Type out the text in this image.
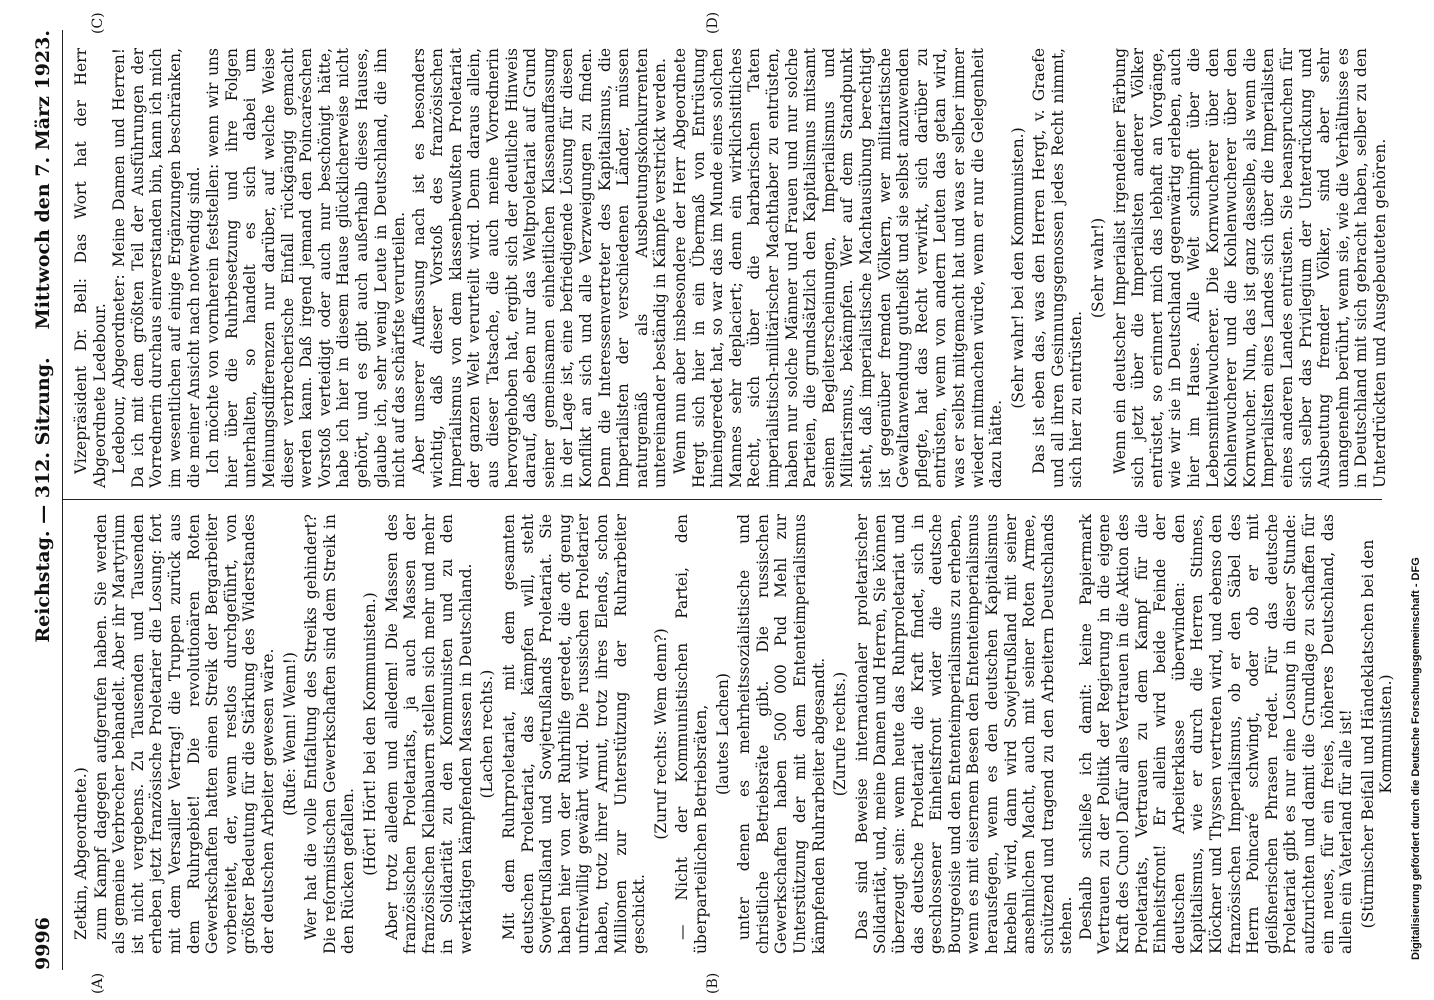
9996
Reichstag. — 312. Sitzung.
Mittwoch den 7. März 1923.
(A)	(B)
(C)	(D)

Zetkin, Abgeordnete.) zum Kampf dagegen aufgerufen haben. Sie werden als gemeine Verbrecher behandelt. Aber ihr Martyrium ist nicht vergebens. Zu Tausenden und Tausenden erheben jetzt französische Proletarier die Losung: fort mit dem Versailler Vertrag! die Truppen zurück aus dem Ruhrgebiet! Die revolutionären Roten Gewerkschaften hatten einen Streik der Bergarbeiter vorbereitet, der, wenn restlos durchgeführt, von größter Bedeutung für die Stärkung des Widerstandes der deutschen Arbeiter gewesen wäre. (Rufe: Wenn! Wenn!) Wer hat die volle Entfaltung des Streiks gehindert? Die reformistischen Gewerkschaften sind dem Streik in den Rücken gefallen. (Hört! Hört! bei den Kommunisten.) Aber trotz alledem und alledem! Die Massen des französischen Proletariats, ja auch Massen der französischen Kleinbauern stellen sich mehr und mehr in Solidarität zu den Kommunisten und zu den werktätigen kämpfenden Massen in Deutschland. (Lachen rechts.) Mit dem Ruhrproletariat, mit dem gesamten deutschen Proletariat, das kämpfen will, steht Sowjetrußland und Sowjetrußlands Proletariat. Sie haben hier von der Ruhrhilfe geredet, die oft genug unfreiwillig gewährt wird. Die russischen Proletarier haben, trotz ihrer Armut, trotz ihres Elends, schon Millionen zur Unterstützung der Ruhrarbeiter geschickt.

(Zuruf rechts: Wem denn?) — Nicht der Kommunistischen Partei, den überparteilichen Betriebsräten, (lautes Lachen) unter denen es mehrheitssozialistische und christliche Betriebsräte gibt. Die russischen Gewerkschaften haben 500 000 Pud Mehl zur Unterstützung der mit dem Ententeimperialismus kämpfenden Ruhrarbeiter abgesandt. (Zurufe rechts.) Das sind Beweise internationaler proletarischer Solidarität, und, meine Damen und Herren, Sie können überzeugt sein: wenn heute das Ruhrproletariat und das deutsche Proletariat die Kraft findet, sich in geschlossener Einheitsfront wider die deutsche Bourgeoisie und den Ententeimperialismus zu erheben, wenn es mit eisernem Besen den Ententeimperialismus herausfegen, wenn es den deutschen Kapitalismus knebeln wird, dann wird Sowjetrußland mit seiner ansehnlichen Macht, auch mit seiner Roten Armee, schützend und tragend zu den Arbeitern Deutschlands stehen. Deshalb schließe ich damit: keine Papiermark Vertrauen zu der Politik der Regierung in die eigene Kraft des Cuno! Dafür alles Vertrauen in die Aktion des Proletariats, Vertrauen zu dem Kampf für die Einheitsfront! Er allein wird beide Feinde der deutschen Arbeiterklasse überwinden: den Kapitalismus, wie er durch die Herren Stinnes, Klöckner und Thyssen vertreten wird, und ebenso den französischen Imperialismus, ob er den Säbel des Herrn Poincaré schwingt, oder ob er mit gleißnerischen Phrasen redet. Für das deutsche Proletariat gibt es nur eine Losung in dieser Stunde: aufzurichten und damit die Grundlage zu schaffen für ein neues, für ein freies, höheres Deutschland, das allein ein Vaterland für alle ist! (Stürmischer Beifall und Händeklatschen bei den Kommunisten.)

Vizepräsident Dr. Bell: Das Wort hat der Herr Abgeordnete Ledebour. Ledebour, Abgeordneter: Meine Damen und Herren! Da ich mit dem größten Teil der Ausführungen der Vorrednerin durchaus einverstanden bin, kann ich mich im wesentlichen auf einige Ergänzungen beschränken, die meiner Ansicht nach notwendig sind. Ich möchte von vornherein feststellen: wenn wir uns hier über die Ruhrbesetzung und ihre Folgen unterhalten, so handelt es sich dabei um Meinungsdifferenzen nur darüber, auf welche Weise dieser verbrecherische Einfall rückgängig gemacht werden kann. Daß irgend jemand den Poincaréschen Vorstoß verteidigt oder auch nur beschönigt hätte, habe ich hier in diesem Hause glücklicherweise nicht gehört, und es gibt auch außerhalb dieses Hauses, glaube ich, sehr wenig Leute in Deutschland, die ihn nicht auf das schärfste verurteilen. Aber unserer Auffassung nach ist es besonders wichtig, daß dieser Vorstoß des französischen Imperialismus von dem klassenbewußten Proletariat der ganzen Welt verurteilt wird. Denn daraus allein, aus dieser Tatsache, die auch meine Vorrednerin hervorgehoben hat, ergibt sich der deutliche Hinweis darauf, daß eben nur das Weltproletariat auf Grund seiner gemeinsamen einheitlichen Klassenauffassung in der Lage ist, eine befriedigende Lösung für diesen Konflikt an sich und alle Verzweigungen zu finden. Denn die Interessenvertreter des Kapitalismus, die Imperialisten der verschiedenen Länder, müssen naturgemäß als Ausbeutungskonkurrenten untereinander beständig in Kämpfe verstrickt werden. Wenn nun aber insbesondere der Herr Abgeordnete Hergt sich hier in ein Übermaß von Entrüstung hineingeredet hat, so war das im Munde eines solchen Mannes sehr deplaciert; denn ein wirklichsittliches Recht, sich über die barbarischen Taten imperialistisch-militärischer Machthaber zu entrüsten, haben nur solche Männer und Frauen und nur solche Parteien, die grundsätzlich den Kapitalismus mitsamt seinen Begleiterscheinungen, Imperialismus und Militarismus, bekämpfen. Wer auf dem Standpunkt steht, daß imperialistische Machtausübung berechtigt ist gegenüber fremden Völkern, wer militaristische Gewaltanwendung gutheißt und sie selbst anzuwenden pflegte, hat das Recht verwirkt, sich darüber zu entrüsten, wenn von andern Leuten das getan wird, was er selbst mitgemacht hat und was er selber immer wieder mitmachen würde, wenn er nur die Gelegenheit dazu hätte.

(Sehr wahr! bei den Kommunisten.) Das ist eben das, was den Herren Hergt, v. Graefe und all ihren Gesinnungsgenossen jedes Recht nimmt, sich hier zu entrüsten.

(Sehr wahr!) Wenn ein deutscher Imperialist irgendeiner Färbung sich jetzt über die Imperialisten anderer Völker entrüstet, so erinnert mich das lebhaft an Vorgänge, wie wir sie in Deutschland gegenwärtig erleben, auch hier im Hause. Alle Welt schimpft über die Lebensmittelwucherer. Die Kornwucherer über den Kohlenwucherer und die Kohlenwucherer über den Kornwucher. Nun, das ist ganz dasselbe, als wenn die Imperialisten eines Landes sich über die Imperialisten eines anderen Landes entrüsten. Sie beanspruchen für sich selber das Privilegium der Unterdrückung und Ausbeutung fremder Völker, sind aber sehr unangenehm berührt, wenn sie, wie die Verhältnisse es in Deutschland mit sich gebracht haben, selber zu den Unterdrückten und Ausgebeuteten gehören.

Digitalisierung gefördert durch die Deutsche Forschungsgemeinschaft - DFG
